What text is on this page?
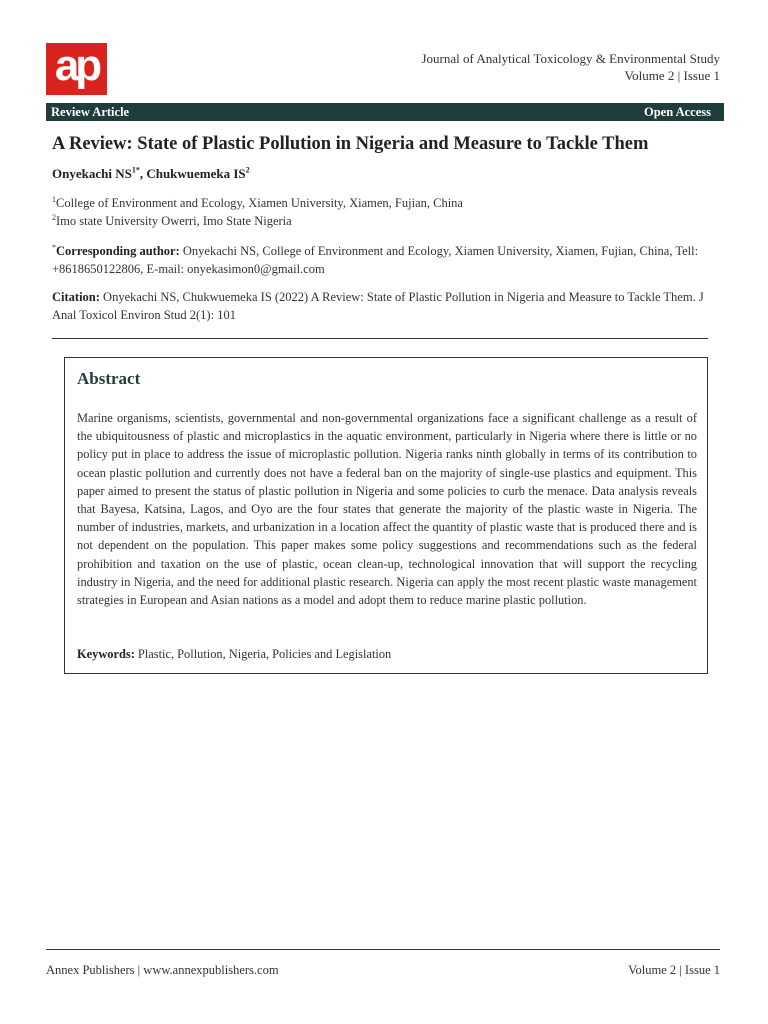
ap	Journal of Analytical Toxicology & Environmental Study
Volume 2 | Issue 1
Review Article	Open Access
A Review: State of Plastic Pollution in Nigeria and Measure to Tackle Them
Onyekachi $NS^{1*}$, Chukwuemeka $IS^2$
$^1$College of Environment and Ecology, Xiamen University, Xiamen, Fujian, China
$^2$Imo state University Owerri, Imo State Nigeria
*Corresponding author: Onyekachi NS, College of Environment and Ecology, Xiamen University, Xiamen, Fujian, China, Tell: +8618650122806, E-mail: onyekasimon0@gmail.com
Citation: Onyekachi NS, Chukwuemeka IS (2022) A Review: State of Plastic Pollution in Nigeria and Measure to Tackle Them. J Anal Toxicol Environ Stud 2(1): 101
Abstract

Marine organisms, scientists, governmental and non-governmental organizations face a significant challenge as a result of the ubiquitousness of plastic and microplastics in the aquatic environment, particularly in Nigeria where there is little or no policy put in place to address the issue of microplastic pollution. Nigeria ranks ninth globally in terms of its contribution to ocean plastic pollution and currently does not have a federal ban on the majority of single-use plastics and equipment. This paper aimed to present the status of plastic pollution in Nigeria and some policies to curb the menace. Data analysis reveals that Bayesa, Katsina, Lagos, and Oyo are the four states that generate the majority of the plastic waste in Nigeria. The number of industries, markets, and urbanization in a location affect the quantity of plastic waste that is produced there and is not dependent on the population. This paper makes some policy suggestions and recommendations such as the federal prohibition and taxation on the use of plastic, ocean clean-up, technological innovation that will support the recycling industry in Nigeria, and the need for additional plastic research. Nigeria can apply the most recent plastic waste management strategies in European and Asian nations as a model and adopt them to reduce marine plastic pollution.

Keywords: Plastic, Pollution, Nigeria, Policies and Legislation
Annex Publishers | www.annexpublishers.com	Volume 2 | Issue 1
